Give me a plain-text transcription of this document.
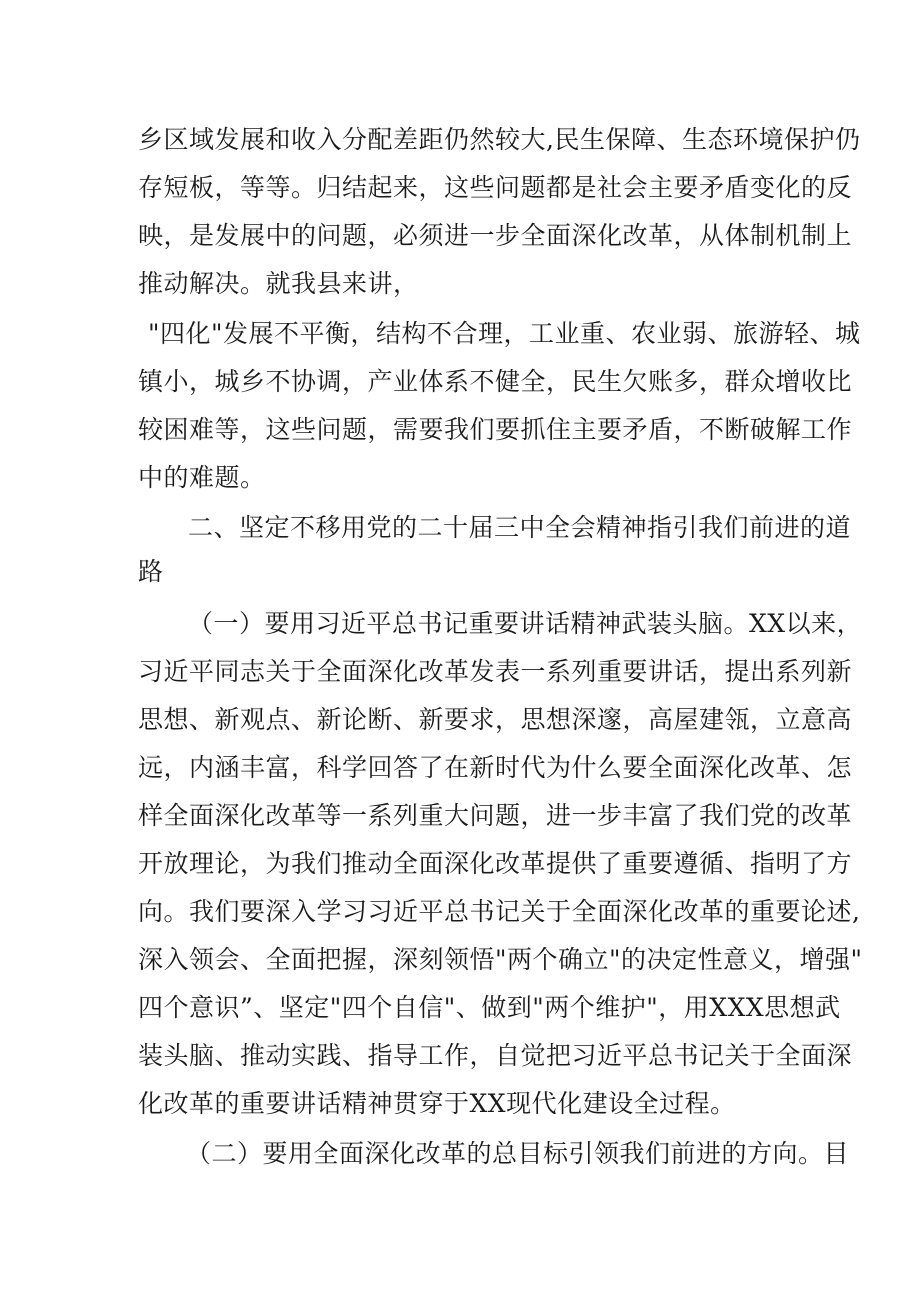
乡区域发展和收入分配差距仍然较大,民生保障、生态环境保护仍
存短板，等等。归结起来，这些问题都是社会主要矛盾变化的反
映，是发展中的问题，必须进一步全面深化改革，从体制机制上
推动解决。就我县来讲，
"四化"发展不平衡，结构不合理，工业重、农业弱、旅游轻、城
镇小，城乡不协调，产业体系不健全，民生欠账多，群众增收比
较困难等，这些问题，需要我们要抓住主要矛盾，不断破解工作
中的难题。
二、坚定不移用党的二十届三中全会精神指引我们前进的道
路
（一）要用习近平总书记重要讲话精神武装头脑。XX以来，
习近平同志关于全面深化改革发表一系列重要讲话，提出系列新
思想、新观点、新论断、新要求，思想深邃，高屋建瓴，立意高
远，内涵丰富，科学回答了在新时代为什么要全面深化改革、怎
样全面深化改革等一系列重大问题，进一步丰富了我们党的改革
开放理论，为我们推动全面深化改革提供了重要遵循、指明了方
向。我们要深入学习习近平总书记关于全面深化改革的重要论述,
深入领会、全面把握，深刻领悟"两个确立"的决定性意义，增强"
四个意识”、坚定"四个自信"、做到"两个维护"，用XXX思想武
装头脑、推动实践、指导工作，自觉把习近平总书记关于全面深
化改革的重要讲话精神贯穿于XX现代化建设全过程。
（二）要用全面深化改革的总目标引领我们前进的方向。目
